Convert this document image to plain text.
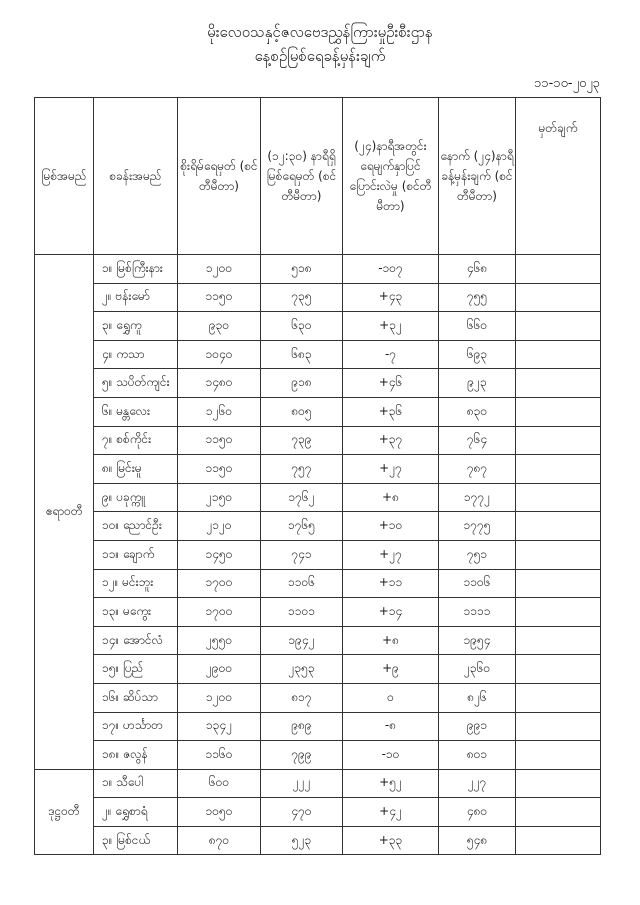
မိုးလေဝသနှင့်ဇလဗေဒညွှန်ကြားမှုဦးစီးဌာန
နေ့စဉ်မြစ်ရေခန့်မှန်းချက်
၁၁-၁၀-၂၀၂၃
မြစ်အမည်	စခန်းအမည်	စိုးရိမ်ရေမှတ် (စင်တီမီတာ)	(၁၂:၃၀) နာရီရှိ မြစ်ရေမှတ် (စင်တီမီတာ)	(၂၄)နာရီအတွင်း ရေမျက်နှာပြင် ပြောင်းလဲမှု (စင်တီမီတာ)	နောက် (၂၄)နာရီ ခန့်မှန်းချက် (စင်တီမီတာ)	မှတ်ချက်
ဧရာဝတီ	၁။ မြစ်ကြီးနား	၁၂၀၀	၅၁၈	-၁၀၇	၄၆၈	
	၂။ ဗန်းမော်	၁၁၅၀	၇၃၅	+၄၃	၇၅၅	
	၃။ ရွှေကူ	၉၃၀	၆၃၀	+၃၂	၆၆၀	
	၄။ ကသာ	၁၀၄၀	၆၈၃	-၇	၆၉၃	
	၅။ သပိတ်ကျင်း	၁၄၈၀	၉၁၈	+၄၆	၉၂၃	
	၆။ မန္တလေး	၁၂၆၀	၈၀၅	+၃၆	၈၃၀	
	၇။ စစ်ကိုင်း	၁၁၅၀	၇၃၉	+၃၇	၇၆၄	
	၈။ မြင်းမူ	၁၁၅၀	၇၅၇	+၂၇	၇၈၇	
	၉။ ပခုက္ကူ	၂၁၅၀	၁၇၆၂	+၈	၁၇၇၂	
	၁၀။ ညောင်ဦး	၂၁၂၀	၁၇၆၅	+၁၀	၁၇၇၅	
	၁၁။ ချောက်	၁၄၅၀	၇၄၁	+၂၇	၇၅၁	
	၁၂။ မင်းဘူး	၁၇၀၀	၁၁၀၆	+၁၁	၁၁၀၆	
	၁၃။ မကွေး	၁၇၀၀	၁၁၀၁	+၁၄	၁၁၁၁	
	၁၄။ အောင်လံ	၂၅၅၀	၁၉၄၂	+၈	၁၉၅၄	
	၁၅။ ပြည်	၂၉၀၀	၂၃၅၃	+၉	၂၃၆၀	
	၁၆။ ဆိပ်သာ	၁၂၀၀	၈၁၇	၀	၈၂၆	
	၁၇။ ဟင်္သာတ	၁၃၄၂	၉၈၉	-၈	၉၉၁	
	၁၈။ ဇလွန်	၁၁၆၀	၇၉၉	-၁၀	၈၀၁	
ဒုဋ္ဌဝတီ	၁။ သီပေါ	၆၀၀	၂၂၂	+၅၂	၂၂၇	
	၂။ ရွှေစာရံ	၁၀၅၀	၄၇၀	+၄၂	၄၈၀	
	၃။ မြစ်ငယ်	၈၇၀	၅၂၃	+၃၃	၅၄၈	
